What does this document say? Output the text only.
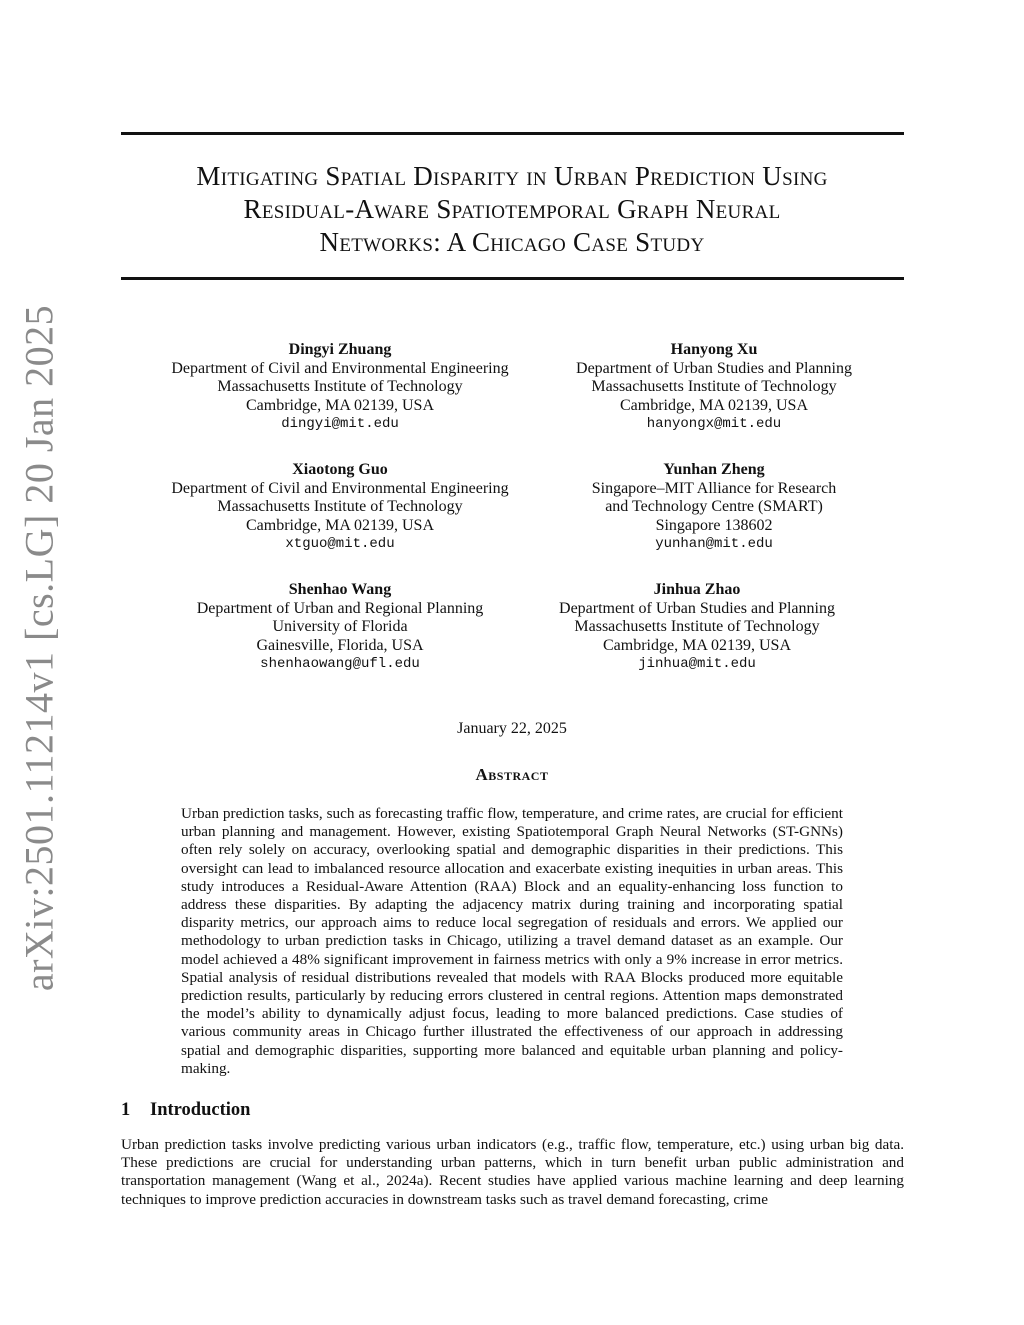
arXiv:2501.11214v1 [cs.LG] 20 Jan 2025
Mitigating Spatial Disparity in Urban Prediction Using
Residual-Aware Spatiotemporal Graph Neural
Networks: A Chicago Case Study
Dingyi Zhuang
Department of Civil and Environmental Engineering
Massachusetts Institute of Technology
Cambridge, MA 02139, USA
dingyi@mit.edu
Hanyong Xu
Department of Urban Studies and Planning
Massachusetts Institute of Technology
Cambridge, MA 02139, USA
hanyongx@mit.edu
Xiaotong Guo
Department of Civil and Environmental Engineering
Massachusetts Institute of Technology
Cambridge, MA 02139, USA
xtguo@mit.edu
Yunhan Zheng
Singapore–MIT Alliance for Research
and Technology Centre (SMART)
Singapore 138602
yunhan@mit.edu
Shenhao Wang
Department of Urban and Regional Planning
University of Florida
Gainesville, Florida, USA
shenhaowang@ufl.edu
Jinhua Zhao
Department of Urban Studies and Planning
Massachusetts Institute of Technology
Cambridge, MA 02139, USA
jinhua@mit.edu
January 22, 2025
Abstract
Urban prediction tasks, such as forecasting traffic flow, temperature, and crime rates, are crucial for efficient urban planning and management. However, existing Spatiotemporal Graph Neural Networks (ST-GNNs) often rely solely on accuracy, overlooking spatial and demographic disparities in their predictions. This oversight can lead to imbalanced resource allocation and exacerbate existing inequities in urban areas. This study introduces a Residual-Aware Attention (RAA) Block and an equality-enhancing loss function to address these disparities. By adapting the adjacency matrix during training and incorporating spatial disparity metrics, our approach aims to reduce local segregation of residuals and errors. We applied our methodology to urban prediction tasks in Chicago, utilizing a travel demand dataset as an example. Our model achieved a 48% significant improvement in fairness metrics with only a 9% increase in error metrics. Spatial analysis of residual distributions revealed that models with RAA Blocks produced more equitable prediction results, particularly by reducing errors clustered in central regions. Attention maps demonstrated the model’s ability to dynamically adjust focus, leading to more balanced predictions. Case studies of various community areas in Chicago further illustrated the effectiveness of our approach in addressing spatial and demographic disparities, supporting more balanced and equitable urban planning and policy-making.
1 Introduction
Urban prediction tasks involve predicting various urban indicators (e.g., traffic flow, temperature, etc.) using urban big data. These predictions are crucial for understanding urban patterns, which in turn benefit urban public administration and transportation management (Wang et al., 2024a). Recent studies have applied various machine learning and deep learning techniques to improve prediction accuracies in downstream tasks such as travel demand forecasting, crime
